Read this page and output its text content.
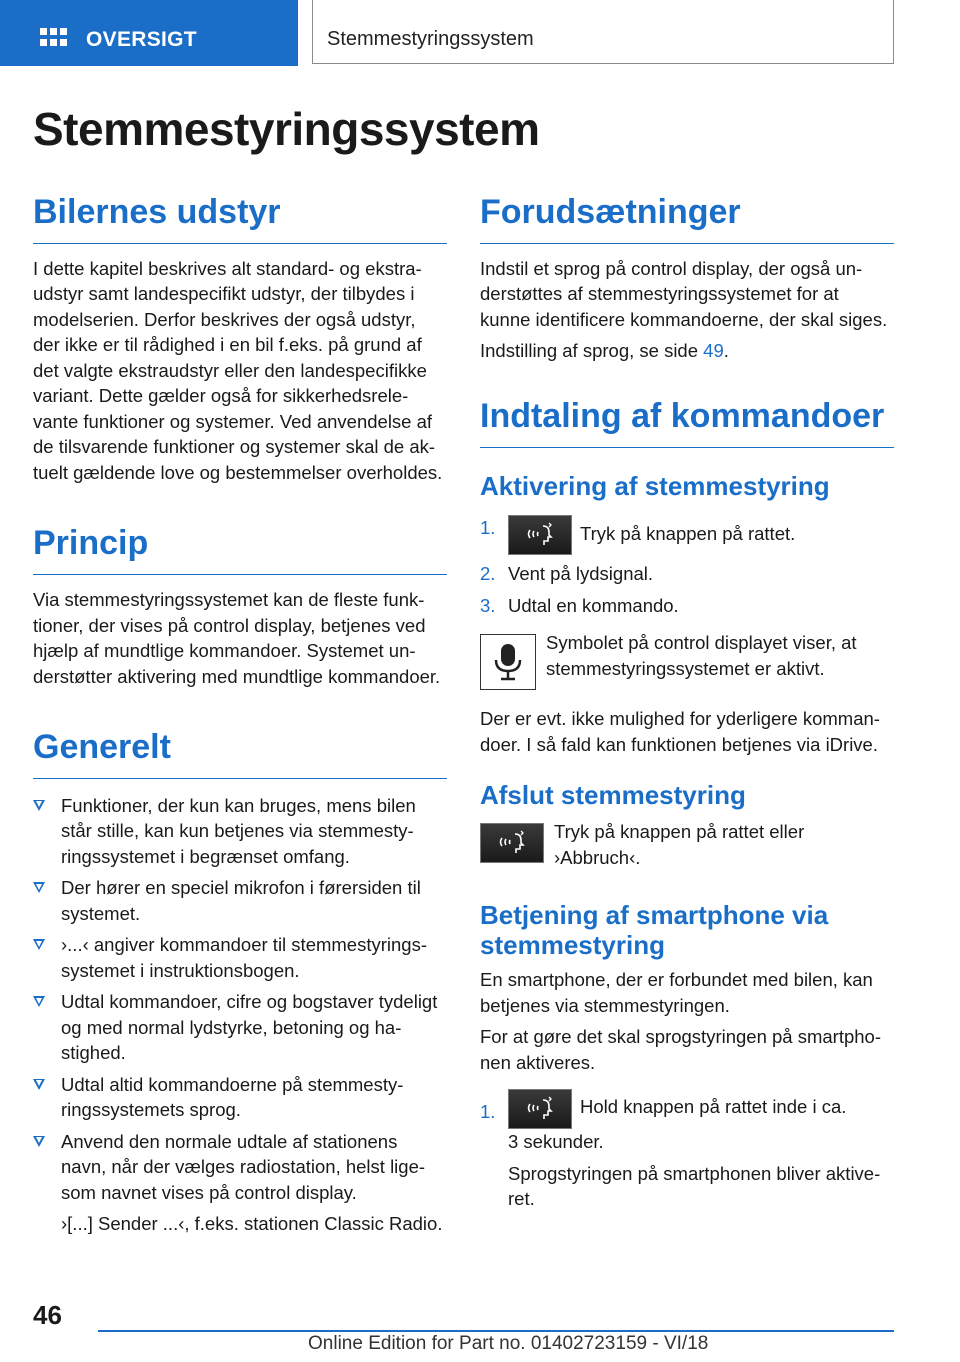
OVERSIGT	Stemmestyringssystem
Stemmestyringssystem
Bilernes udstyr

I dette kapitel beskrives alt standard- og ekstraudstyr samt landespecifikt udstyr, der tilbydes i modelserien. Derfor beskrives der også udstyr, der ikke er til rådighed i en bil f.eks. på grund af det valgte ekstraudstyr eller den landespecifikke variant. Dette gælder også for sikkerhedsrelevante funktioner og systemer. Ved anvendelse af de tilsvarende funktioner og systemer skal de aktuelt gældende love og bestemmelser overholdes.

Princip

Via stemmestyringssystemet kan de fleste funktioner, der vises på control display, betjenes ved hjælp af mundtlige kommandoer. Systemet understøtter aktivering med mundtlige kommandoer.

Generelt
Funktioner, der kun kan bruges, mens bilen står stille, kan kun betjenes via stemmestyringssystemet i begrænset omfang.
Der hører en speciel mikrofon i førersiden til systemet.
›...‹ angiver kommandoer til stemmestyringssystemet i instruktionsbogen.
Udtal kommandoer, cifre og bogstaver tydeligt og med normal lydstyrke, betoning og hastighed.
Udtal altid kommandoerne på stemmestyringssystemets sprog.
Anvend den normale udtale af stationens navn, når der vælges radiostation, helst ligesom navnet vises på control display.
›[...] Sender ...‹, f.eks. stationen Classic Radio.
Forudsætninger

Indstil et sprog på control display, der også understøttes af stemmestyringssystemet for at kunne identificere kommandoerne, der skal siges.

Indstilling af sprog, se side 49.

Indtaling af kommandoer
Aktivering af stemmestyring
1.	Tryk på knappen på rattet.
2. Vent på lydsignal.
3. Udtal en kommando.

Symbolet på control displayet viser, at stemmestyringssystemet er aktivt.

Der er evt. ikke mulighed for yderligere kommandoer. I så fald kan funktionen betjenes via iDrive.

Afslut stemmestyring

Tryk på knappen på rattet eller ›Abbruch‹.

Betjening af smartphone via stemmestyring

En smartphone, der er forbundet med bilen, kan betjenes via stemmestyringen.

For at gøre det skal sprogstyringen på smartphonen aktiveres.

1.	Hold knappen på rattet inde i ca.

3 sekunder.

Sprogstyringen på smartphonen bliver aktiveret.

46
Online Edition for Part no. 01402723159 - VI/18
